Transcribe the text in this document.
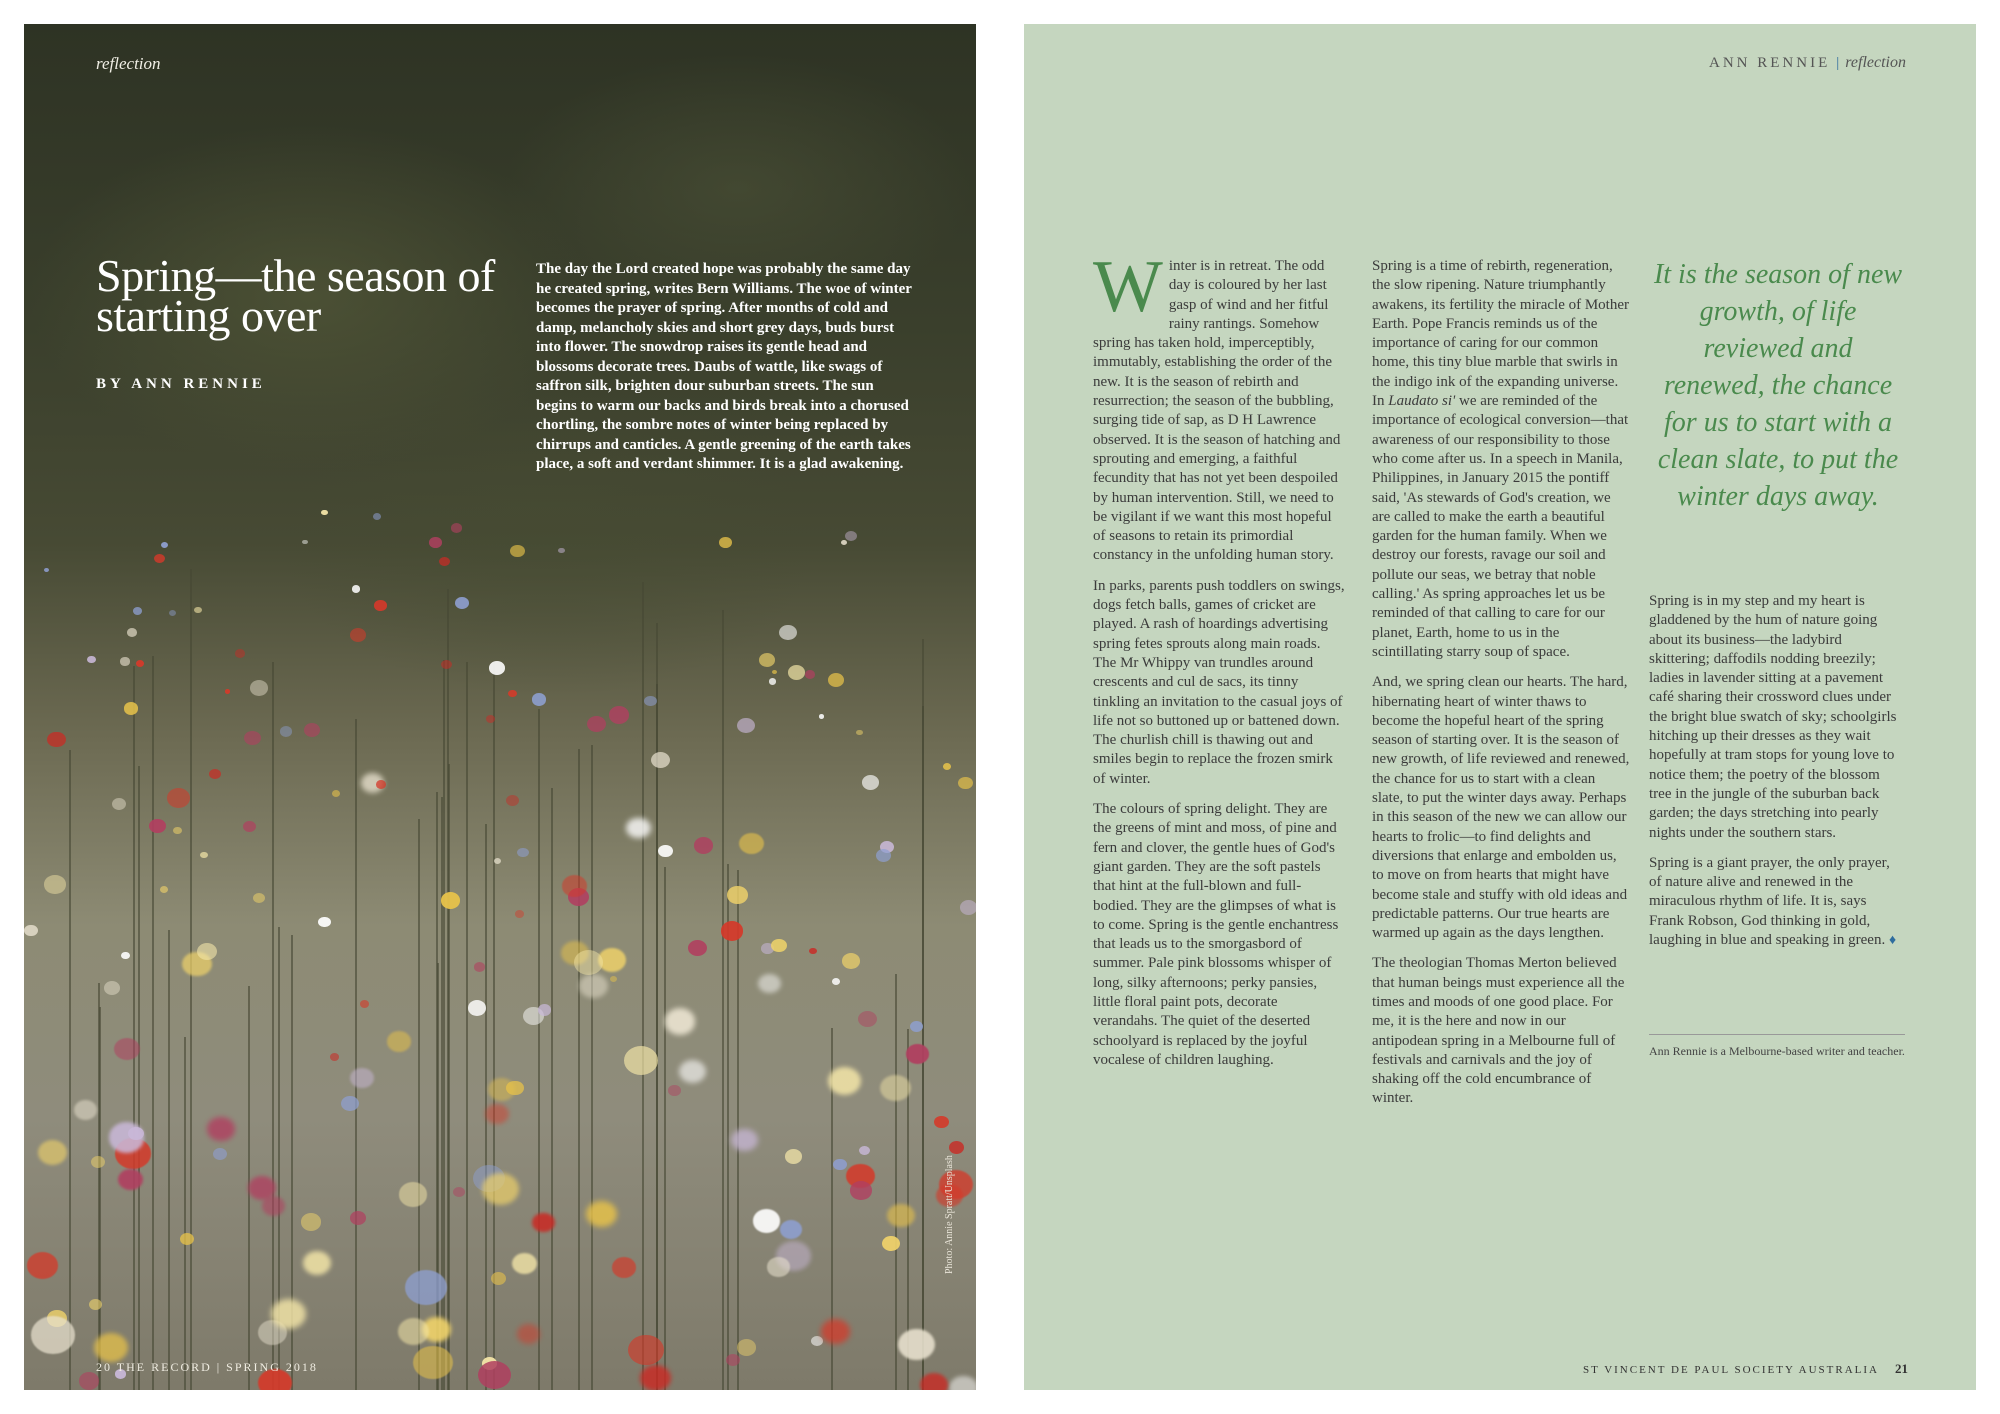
reflection
Spring—the season of starting over
BY ANN RENNIE
The day the Lord created hope was probably the same day he created spring, writes Bern Williams. The woe of winter becomes the prayer of spring. After months of cold and damp, melancholy skies and short grey days, buds burst into flower. The snowdrop raises its gentle head and blossoms decorate trees. Daubs of wattle, like swags of saffron silk, brighten dour suburban streets. The sun begins to warm our backs and birds break into a chorused chortling, the sombre notes of winter being replaced by chirrups and canticles. A gentle greening of the earth takes place, a soft and verdant shimmer. It is a glad awakening.
Photo: Annie Spratt/Unsplash
20 THE RECORD | SPRING 2018
ANN RENNIE | reflection

Winter is in retreat. The odd day is coloured by her last gasp of wind and her fitful rainy rantings. Somehow spring has taken hold, imperceptibly, immutably, establishing the order of the new. It is the season of rebirth and resurrection; the season of the bubbling, surging tide of sap, as D H Lawrence observed. It is the season of hatching and sprouting and emerging, a faithful fecundity that has not yet been despoiled by human intervention. Still, we need to be vigilant if we want this most hopeful of seasons to retain its primordial constancy in the unfolding human story.

In parks, parents push toddlers on swings, dogs fetch balls, games of cricket are played. A rash of hoardings advertising spring fetes sprouts along main roads. The Mr Whippy van trundles around crescents and cul de sacs, its tinny tinkling an invitation to the casual joys of life not so buttoned up or battened down. The churlish chill is thawing out and smiles begin to replace the frozen smirk of winter.

The colours of spring delight. They are the greens of mint and moss, of pine and fern and clover, the gentle hues of God's giant garden. They are the soft pastels that hint at the full-blown and full-bodied. They are the glimpses of what is to come. Spring is the gentle enchantress that leads us to the smorgasbord of summer. Pale pink blossoms whisper of long, silky afternoons; perky pansies, little floral paint pots, decorate verandahs. The quiet of the deserted schoolyard is replaced by the joyful vocalese of children laughing.

Spring is a time of rebirth, regeneration, the slow ripening. Nature triumphantly awakens, its fertility the miracle of Mother Earth. Pope Francis reminds us of the importance of caring for our common home, this tiny blue marble that swirls in the indigo ink of the expanding universe. In Laudato si' we are reminded of the importance of ecological conversion—that awareness of our responsibility to those who come after us. In a speech in Manila, Philippines, in January 2015 the pontiff said, 'As stewards of God's creation, we are called to make the earth a beautiful garden for the human family. When we destroy our forests, ravage our soil and pollute our seas, we betray that noble calling.' As spring approaches let us be reminded of that calling to care for our planet, Earth, home to us in the scintillating starry soup of space.

And, we spring clean our hearts. The hard, hibernating heart of winter thaws to become the hopeful heart of the spring season of starting over. It is the season of new growth, of life reviewed and renewed, the chance for us to start with a clean slate, to put the winter days away. Perhaps in this season of the new we can allow our hearts to frolic—to find delights and diversions that enlarge and embolden us, to move on from hearts that might have become stale and stuffy with old ideas and predictable patterns. Our true hearts are warmed up again as the days lengthen.

The theologian Thomas Merton believed that human beings must experience all the times and moods of one good place. For me, it is the here and now in our antipodean spring in a Melbourne full of festivals and carnivals and the joy of shaking off the cold encumbrance of winter.

It is the season of new growth, of life reviewed and renewed, the chance for us to start with a clean slate, to put the winter days away.

Spring is in my step and my heart is gladdened by the hum of nature going about its business—the ladybird skittering; daffodils nodding breezily; ladies in lavender sitting at a pavement café sharing their crossword clues under the bright blue swatch of sky; schoolgirls hitching up their dresses as they wait hopefully at tram stops for young love to notice them; the poetry of the blossom tree in the jungle of the suburban back garden; the days stretching into pearly nights under the southern stars.

Spring is a giant prayer, the only prayer, of nature alive and renewed in the miraculous rhythm of life. It is, says Frank Robson, God thinking in gold, laughing in blue and speaking in green. ♦

Ann Rennie is a Melbourne-based writer and teacher.
ST VINCENT DE PAUL SOCIETY AUSTRALIA 21
